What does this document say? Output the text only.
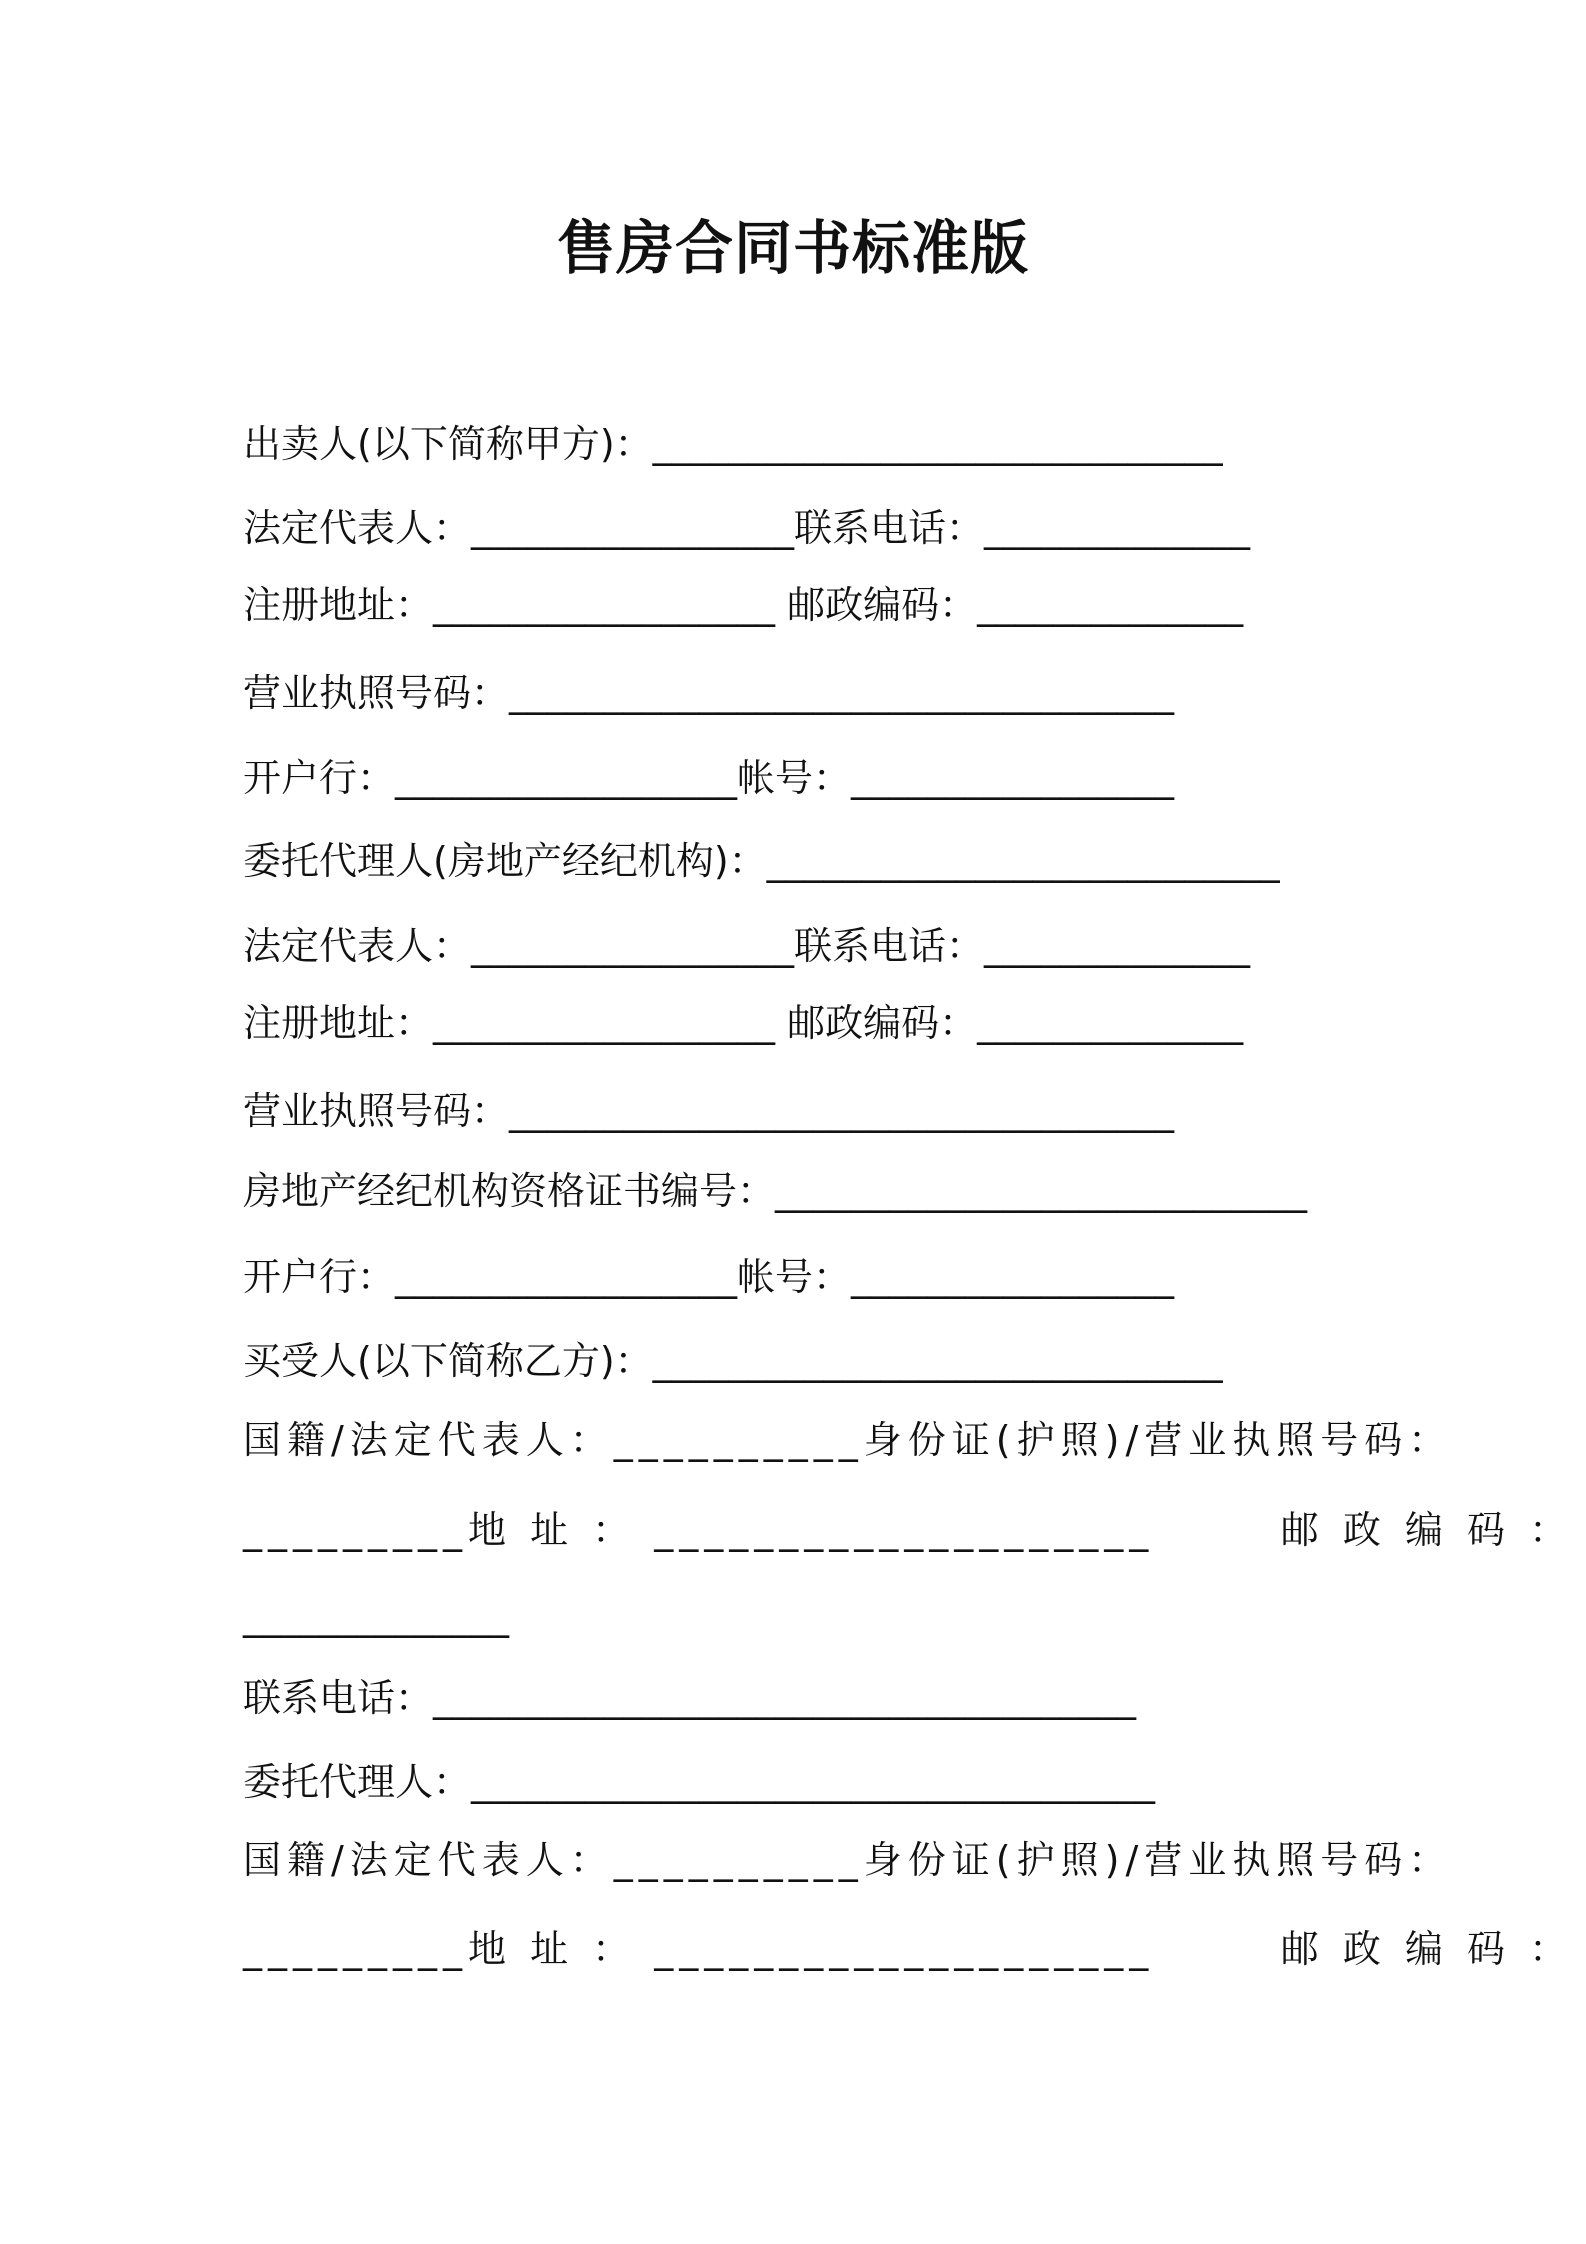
售房合同书标准版
出卖人(以下简称甲方)：______________________________
法定代表人：_________________联系电话：______________
注册地址：__________________ 邮政编码：______________
营业执照号码：___________________________________
开户行：__________________帐号：_________________
委托代理人(房地产经纪机构)：___________________________
法定代表人：_________________联系电话：______________
注册地址：__________________ 邮政编码：______________
营业执照号码：___________________________________
房地产经纪机构资格证书编号：____________________________
开户行：__________________帐号：_________________
买受人(以下简称乙方)：______________________________
国籍/法定代表人：__________身份证(护照)/营业执照号码：
_________地 址 ： ____________________       邮 政 编 码 ：
______________
联系电话：_____________________________________
委托代理人：____________________________________
国籍/法定代表人：__________身份证(护照)/营业执照号码：
_________地 址 ： ____________________       邮 政 编 码 ：
